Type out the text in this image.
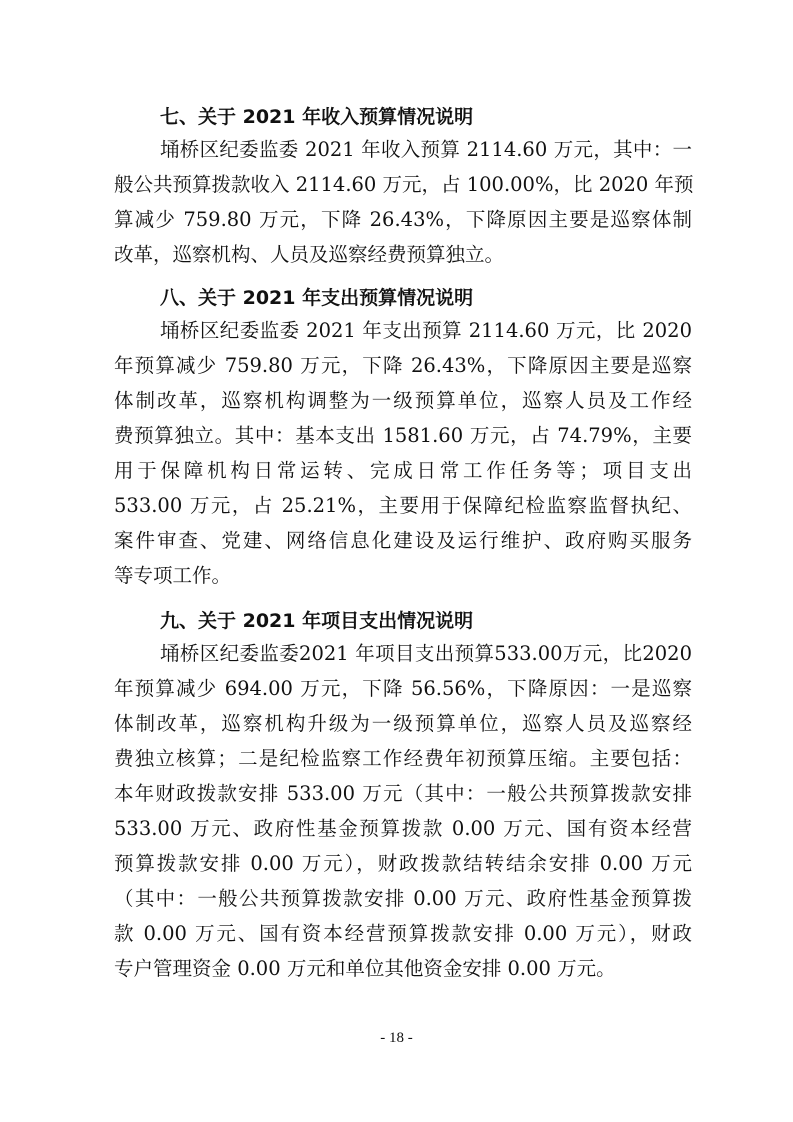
七、关于 2021 年收入预算情况说明
埇桥区纪委监委 2021 年收入预算 2114.60 万元，其中：一
般公共预算拨款收入 2114.60 万元，占 100.00%，比 2020 年预
算减少 759.80 万元，下降 26.43%，下降原因主要是巡察体制
改革，巡察机构、人员及巡察经费预算独立。
八、关于 2021 年支出预算情况说明
埇桥区纪委监委 2021 年支出预算 2114.60 万元，比 2020
年预算减少 759.80 万元，下降 26.43%，下降原因主要是巡察
体制改革，巡察机构调整为一级预算单位，巡察人员及工作经
费预算独立。其中：基本支出 1581.60 万元，占 74.79%，主要
用于保障机构日常运转、完成日常工作任务等；项目支出
533.00 万元，占 25.21%，主要用于保障纪检监察监督执纪、
案件审查、党建、网络信息化建设及运行维护、政府购买服务
等专项工作。
九、关于 2021 年项目支出情况说明
埇桥区纪委监委2021 年项目支出预算533.00万元，比2020
年预算减少 694.00 万元，下降 56.56%，下降原因：一是巡察
体制改革，巡察机构升级为一级预算单位，巡察人员及巡察经
费独立核算；二是纪检监察工作经费年初预算压缩。主要包括：
本年财政拨款安排 533.00 万元（其中：一般公共预算拨款安排
533.00 万元、政府性基金预算拨款 0.00 万元、国有资本经营
预算拨款安排 0.00 万元），财政拨款结转结余安排 0.00 万元
（其中：一般公共预算拨款安排 0.00 万元、政府性基金预算拨
款 0.00 万元、国有资本经营预算拨款安排 0.00 万元），财政
专户管理资金 0.00 万元和单位其他资金安排 0.00 万元。
- 18 -
